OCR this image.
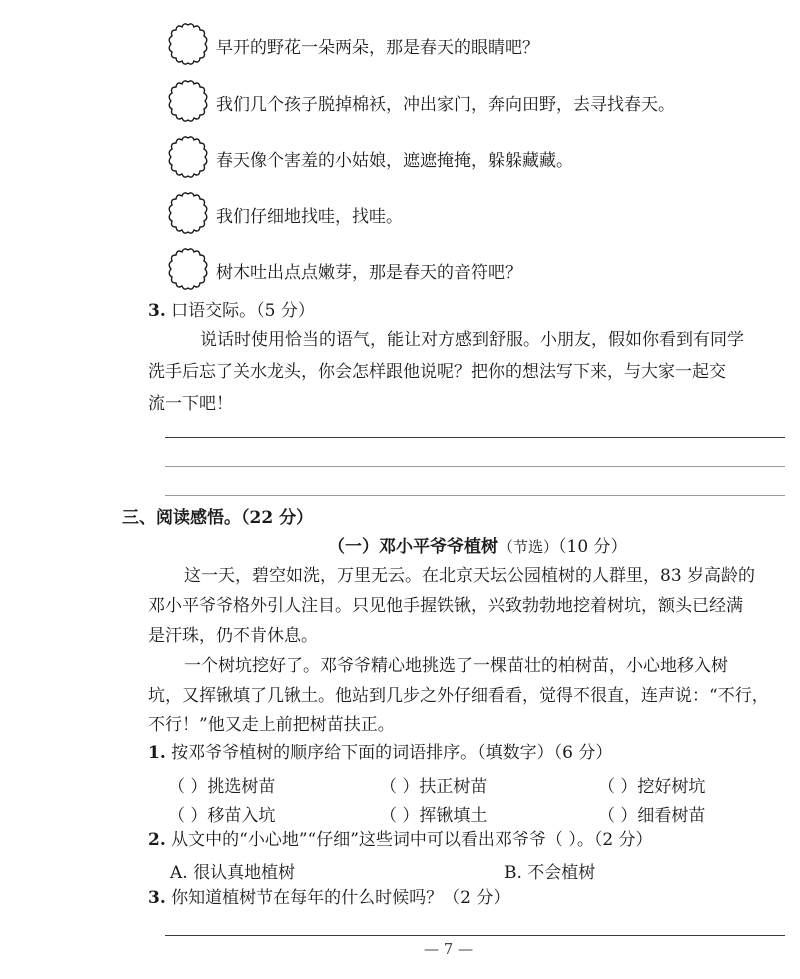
早开的野花一朵两朵，那是春天的眼睛吧？
我们几个孩子脱掉棉袄，冲出家门，奔向田野，去寻找春天。
春天像个害羞的小姑娘，遮遮掩掩，躲躲藏藏。
我们仔细地找哇，找哇。
树木吐出点点嫩芽，那是春天的音符吧？
3. 口语交际。（5 分）
说话时使用恰当的语气，能让对方感到舒服。小朋友，假如你看到有同学
洗手后忘了关水龙头，你会怎样跟他说呢？把你的想法写下来，与大家一起交
流一下吧！
三、阅读感悟。（22 分）
（一）邓小平爷爷植树（节选）（10 分）
这一天，碧空如洗，万里无云。在北京天坛公园植树的人群里，83 岁高龄的
邓小平爷爷格外引人注目。只见他手握铁锹，兴致勃勃地挖着树坑，额头已经满
是汗珠，仍不肯休息。
一个树坑挖好了。邓爷爷精心地挑选了一棵苗壮的柏树苗，小心地移入树
坑，又挥锹填了几锹土。他站到几步之外仔细看看，觉得不很直，连声说：“不行，
不行！”他又走上前把树苗扶正。
1. 按邓爷爷植树的顺序给下面的词语排序。（填数字）（6 分）
（ ）挑选树苗	（ ）扶正树苗	（ ）挖好树坑
（ ）移苗入坑	（ ）挥锹填土	（ ）细看树苗
2. 从文中的“小心地”“仔细”这些词中可以看出邓爷爷（ ）。（2 分）
A. 很认真地植树	B. 不会植树
3. 你知道植树节在每年的什么时候吗？（2 分）
— 7 —
